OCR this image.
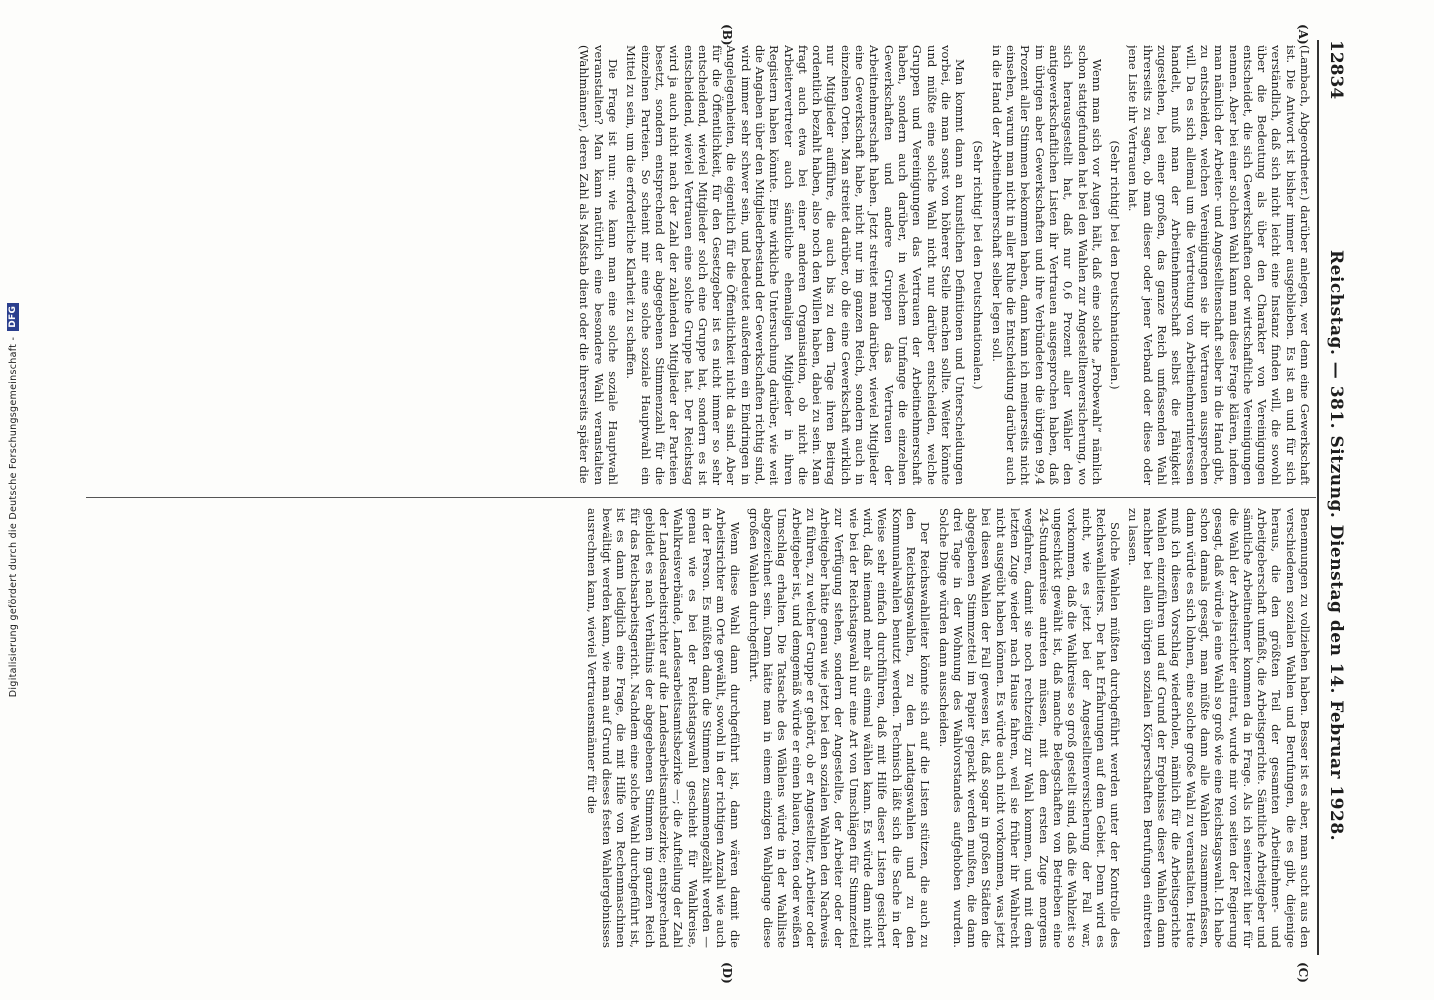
12834
Reichstag. — 381. Sitzung. Dienstag den 14. Februar 1928.
(A)
(B)
(C)
(D)

(Lambach, Abgeordneter.) darüber anlegen, wer denn eine Gewerkschaft ist. Die Antwort ist bisher immer ausgeblieben. Es ist an und für sich verständlich, daß sich nicht leicht eine Instanz finden will, die sowohl über die Bedeutung als über den Charakter von Vereinigungen entscheidet, die sich Gewerkschaften oder wirtschaftliche Vereinigungen nennen. Aber bei einer solchen Wahl kann man diese Frage klären, indem man nämlich der Arbeiter- und Angestelltenschaft selber in die Hand gibt, zu entscheiden, welchen Vereinigungen sie ihr Vertrauen aussprechen will. Da es sich allemal um die Vertretung von Arbeitnehmerinteressen handelt, muß man der Arbeitnehmerschaft selbst die Fähigkeit zugestehen, bei einer großen, das ganze Reich umfassenden Wahl ihrerseits zu sagen, ob man dieser oder jener Verband oder diese oder jene Liste ihr Vertrauen hat.

(Sehr richtig! bei den Deutschnationalen.)

Wenn man sich vor Augen hält, daß eine solche „Probewahl“ nämlich schon stattgefunden hat bei den Wahlen zur Angestelltenversicherung, wo sich herausgestellt hat, daß nur 0,6 Prozent aller Wähler den antigewerkschaftlichen Listen ihr Vertrauen ausgesprochen haben, daß im übrigen aber Gewerkschaften und ihre Verbündeten die übrigen 99,4 Prozent aller Stimmen bekommen haben, dann kann ich meinerseits nicht einsehen, warum man nicht in aller Ruhe die Entscheidung darüber auch in die Hand der Arbeitnehmerschaft selber legen soll.

(Sehr richtig! bei den Deutschnationalen.)

Man kommt dann an kunstlichen Definitionen und Unterscheidungen vorbei, die man sonst von höherer Stelle machen sollte. Weiter könnte und müßte eine solche Wahl nicht nur darüber entscheiden, welche Gruppen und Vereinigungen das Vertrauen der Arbeitnehmerschaft haben, sondern auch darüber, in welchem Umfange die einzelnen Gewerkschaften und andere Gruppen das Vertrauen der Arbeitnehmerschaft haben. Jetzt streitet man darüber, wieviel Mitglieder eine Gewerkschaft habe, nicht nur im ganzen Reich, sondern auch in einzelnen Orten. Man streitet darüber, ob die eine Gewerkschaft wirklich nur Mitglieder aufführe, die auch bis zu dem Tage ihren Beitrag ordentlich bezahlt haben, also noch den Willen haben, dabei zu sein. Man fragt auch etwa bei einer anderen Organisation, ob nicht die Arbeitervertreter auch sämtliche ehemaligen Mitglieder in ihren Registern haben könnte. Eine wirkliche Untersuchung darüber, wie weit die Angaben über den Mitgliederbestand der Gewerkschaften richtig sind, wird immer sehr schwer sein, und bedeutet außerdem ein Eindringen in Angelegenheiten, die eigentlich für die Öffentlichkeit nicht da sind. Aber für die Öffentlichkeit, für den Gesetzgeber ist es nicht immer so sehr entscheidend, wieviel Mitglieder solch eine Gruppe hat, sondern es ist entscheidend, wieviel Vertrauen eine solche Gruppe hat. Der Reichstag wird ja auch nicht nach der Zahl der zahlenden Mitglieder der Parteien besetzt, sondern entsprechend der abgegebenen Stimmenzahl für die einzelnen Parteien. So scheint mir eine solche soziale Hauptwahl ein Mittel zu sein, um die erforderliche Klarheit zu schaffen.

Die Frage ist nun: wie kann man eine solche soziale Hauptwahl veranstalten? Man kann natürlich eine besondere Wahl veranstalten (Wahlmänner), deren Zahl als Maßstab dient oder die ihrerseits später die

Benennungen zu vollziehen haben. Besser ist es aber, man sucht aus den verschiedenen sozialen Wahlen und Berufungen, die es gibt, diejenige heraus, die den größten Teil der gesamten Arbeitnehmer- und Arbeitgeberschaft umfaßt, die Arbeitsgerichte. Sämtliche Arbeitgeber und sämtliche Arbeitnehmer kommen da in Frage. Als ich seinerzeit hier für die Wahl der Arbeitsrichter eintrat, wurde mir von seiten der Regierung gesagt, daß würde ja eine Wahl so groß wie eine Reichstagswahl. Ich habe schon damals gesagt, man müßte dann alle Wahlen zusammenfassen, dann würde es sich lohnen, eine solche große Wahl zu veranstalten. Heute muß ich diesen Vorschlag wiederholen, nämlich für die Arbeitsgerichte Wahlen einzuführen und auf Grund der Ergebnisse dieser Wahlen dann nachher bei allen übrigen sozialen Körperschaften Berufungen eintreten zu lassen.

Solche Wahlen müßten durchgeführt werden unter der Kontrolle des Reichswahlleiters. Der hat Erfahrungen auf dem Gebiet. Denn wird es nicht, wie es jetzt bei der Angestelltenversicherung der Fall war, vorkommen, daß die Wahlkreise so groß gestellt sind, daß die Wahlzeit so ungeschickt gewählt ist, daß manche Belegschaften von Betrieben eine 24-Stundenreise antreten müssen, mit dem ersten Zuge morgens wegfahren, damit sie noch rechtzeitig zur Wahl kommen, und mit dem letzten Zuge wieder nach Hause fahren, weil sie früher ihr Wahlrecht nicht ausgeübt haben können. Es würde auch nicht vorkommen, was jetzt bei diesen Wahlen der Fall gewesen ist, daß sogar in großen Städten die abgegebenen Stimmzettel im Papier gepackt werden mußten, die dann drei Tage in der Wohnung des Wahlvorstandes aufgehoben wurden. Solche Dinge würden dann ausscheiden.

Der Reichswahlleiter könnte sich auf die Listen stützen, die auch zu den Reichstagswahlen, zu den Landtagswahlen und zu den Kommunalwahlen benutzt werden. Technisch läßt sich die Sache in der Weise sehr einfach durchführen, daß mit Hilfe dieser Listen gesichert wird, daß niemand mehr als einmal wählen kann. Es würde dann nicht wie bei der Reichstagswahl nur eine Art von Umschlägen für Stimmzettel zur Verfügung stehen, sondern der Angestellte, der Arbeiter oder der Arbeitgeber hätte genau wie jetzt bei den sozialen Wahlen den Nachweis zu führen, zu welcher Gruppe er gehört, ob er Angestellter, Arbeiter oder Arbeitgeber ist, und demgemäß würde er einen blauen, roten oder weißen Umschlag erhalten. Die Tatsache des Wählens würde in der Wahlliste abgezeichnet sein. Dann hätte man in einem einzigen Wahlgange diese großen Wahlen durchgeführt.

Wenn diese Wahl dann durchgeführt ist, dann wären damit die Arbeitsrichter am Orte gewählt, sowohl in der richtigen Anzahl wie auch in der Person. Es müßten dann die Stimmen zusammengezählt werden — genau wie es bei der Reichstagswahl geschieht für Wahlkreise, Wahlkreisverbände, Landesarbeitsamtsbezirke —; die Aufteilung der Zahl der Landesarbeitsrichter auf die Landesarbeitsamtsbezirke; entsprechend gebildet es nach Verhältnis der abgegebenen Stimmen im ganzen Reich für das Reichsarbeitsgericht. Nachdem eine solche Wahl durchgeführt ist, ist es dann lediglich eine Frage, die mit Hilfe von Rechenmaschinen bewältigt werden kann, wie man auf Grund dieses festen Wahlergebnisses ausrechnen kann, wieviel Vertrauensmänner für die

Digitalisierung gefördert durch die Deutsche Forschungsgemeinschaft -
DFG
